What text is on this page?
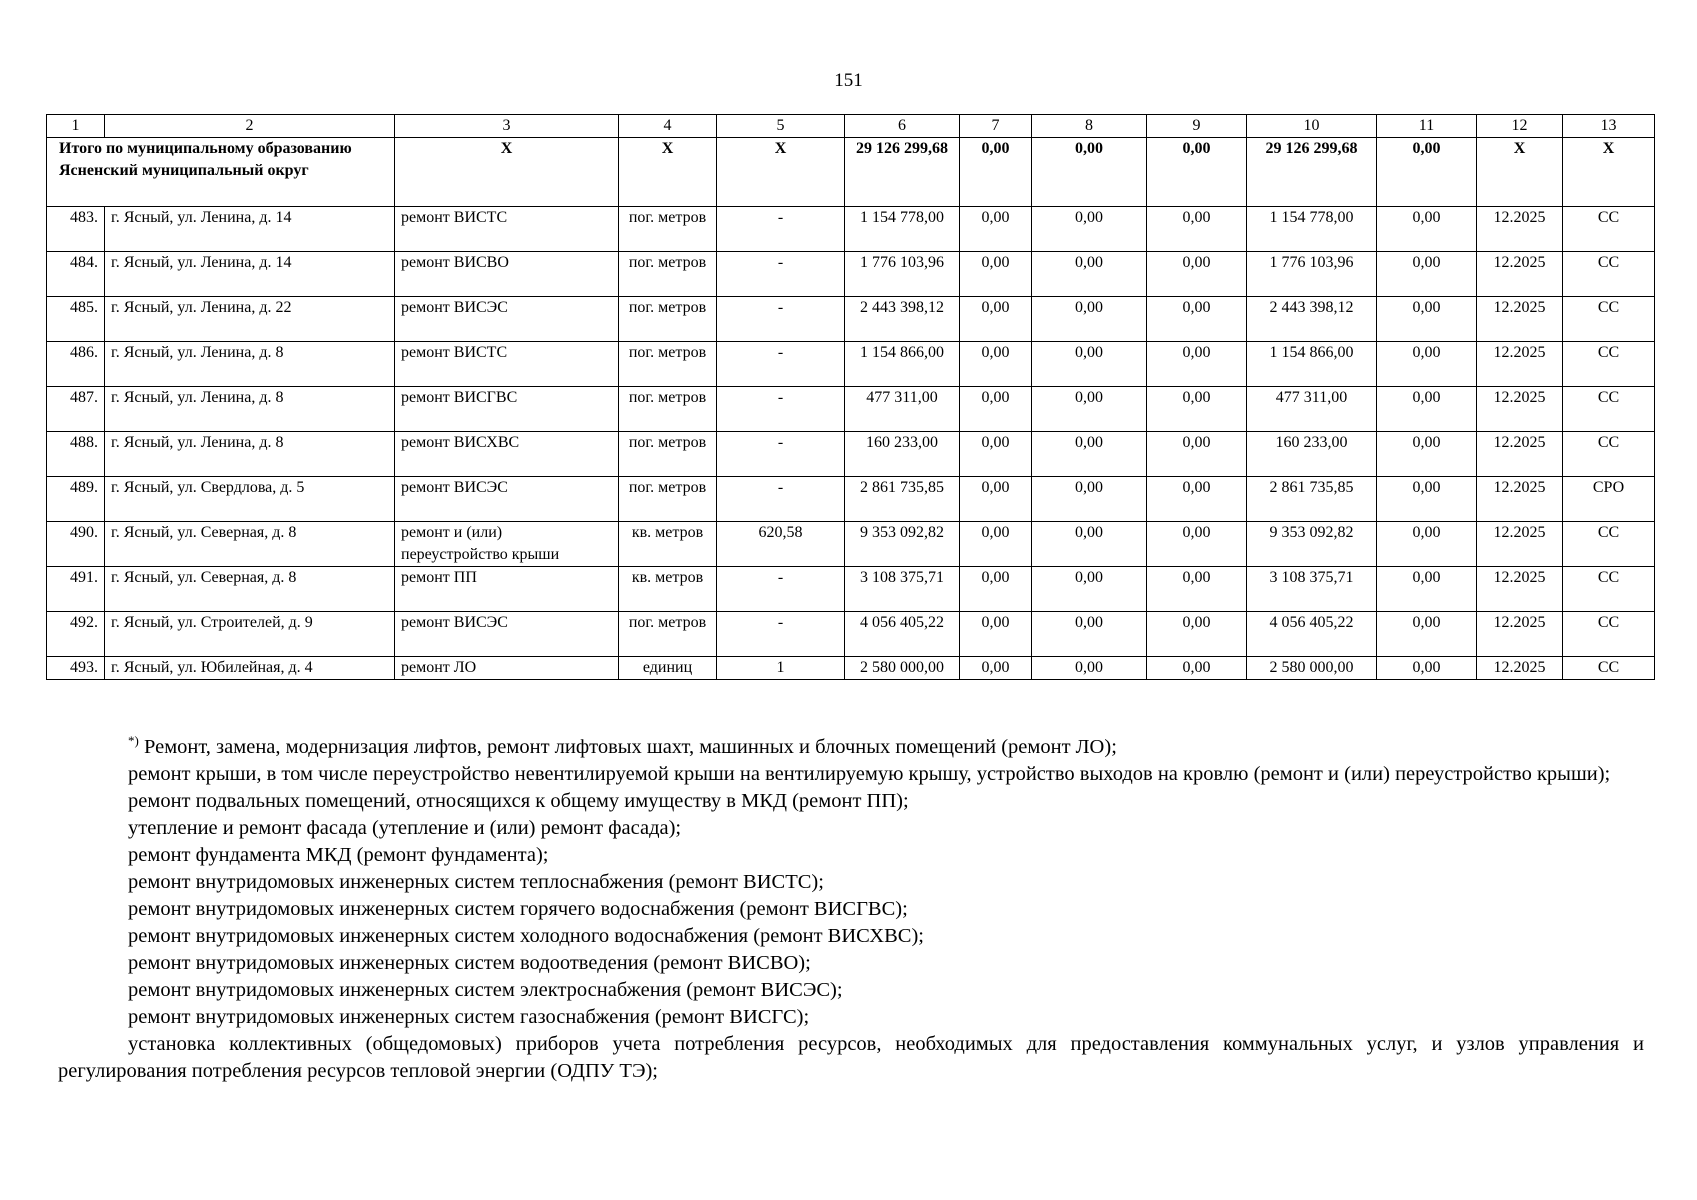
151
1	2	3	4	5	6	7	8	9	10	11	12	13
Итого по муниципальному образованию Ясненский муниципальный округ		Х	Х	Х	29 126 299,68	0,00	0,00	0,00	29 126 299,68	0,00	Х	Х
483.	г. Ясный, ул. Ленина, д. 14	ремонт ВИСТС	пог. метров	-	1 154 778,00	0,00	0,00	0,00	1 154 778,00	0,00	12.2025	СС
484.	г. Ясный, ул. Ленина, д. 14	ремонт ВИСВО	пог. метров	-	1 776 103,96	0,00	0,00	0,00	1 776 103,96	0,00	12.2025	СС
485.	г. Ясный, ул. Ленина, д. 22	ремонт ВИСЭС	пог. метров	-	2 443 398,12	0,00	0,00	0,00	2 443 398,12	0,00	12.2025	СС
486.	г. Ясный, ул. Ленина, д. 8	ремонт ВИСТС	пог. метров	-	1 154 866,00	0,00	0,00	0,00	1 154 866,00	0,00	12.2025	СС
487.	г. Ясный, ул. Ленина, д. 8	ремонт ВИСГВС	пог. метров	-	477 311,00	0,00	0,00	0,00	477 311,00	0,00	12.2025	СС
488.	г. Ясный, ул. Ленина, д. 8	ремонт ВИСХВС	пог. метров	-	160 233,00	0,00	0,00	0,00	160 233,00	0,00	12.2025	СС
489.	г. Ясный, ул. Свердлова, д. 5	ремонт ВИСЭС	пог. метров	-	2 861 735,85	0,00	0,00	0,00	2 861 735,85	0,00	12.2025	СРО
490.	г. Ясный, ул. Северная, д. 8	ремонт и (или) переустройство крыши	кв. метров	620,58	9 353 092,82	0,00	0,00	0,00	9 353 092,82	0,00	12.2025	СС
491.	г. Ясный, ул. Северная, д. 8	ремонт ПП	кв. метров	-	3 108 375,71	0,00	0,00	0,00	3 108 375,71	0,00	12.2025	СС
492.	г. Ясный, ул. Строителей, д. 9	ремонт ВИСЭС	пог. метров	-	4 056 405,22	0,00	0,00	0,00	4 056 405,22	0,00	12.2025	СС
493.	г. Ясный, ул. Юбилейная, д. 4	ремонт ЛО	единиц	1	2 580 000,00	0,00	0,00	0,00	2 580 000,00	0,00	12.2025	СС

*) Ремонт, замена, модернизация лифтов, ремонт лифтовых шахт, машинных и блочных помещений (ремонт ЛО);

ремонт крыши, в том числе переустройство невентилируемой крыши на вентилируемую крышу, устройство выходов на кровлю (ремонт и (или) переустройство крыши);

ремонт подвальных помещений, относящихся к общему имуществу в МКД (ремонт ПП);

утепление и ремонт фасада (утепление и (или) ремонт фасада);

ремонт фундамента МКД (ремонт фундамента);

ремонт внутридомовых инженерных систем теплоснабжения (ремонт ВИСТС);

ремонт внутридомовых инженерных систем горячего водоснабжения (ремонт ВИСГВС);

ремонт внутридомовых инженерных систем холодного водоснабжения (ремонт ВИСХВС);

ремонт внутридомовых инженерных систем водоотведения (ремонт ВИСВО);

ремонт внутридомовых инженерных систем электроснабжения (ремонт ВИСЭС);

ремонт внутридомовых инженерных систем газоснабжения (ремонт ВИСГС);

установка коллективных (общедомовых) приборов учета потребления ресурсов, необходимых для предоставления коммунальных услуг, и узлов управления и регулирования потребления ресурсов тепловой энергии (ОДПУ ТЭ);
